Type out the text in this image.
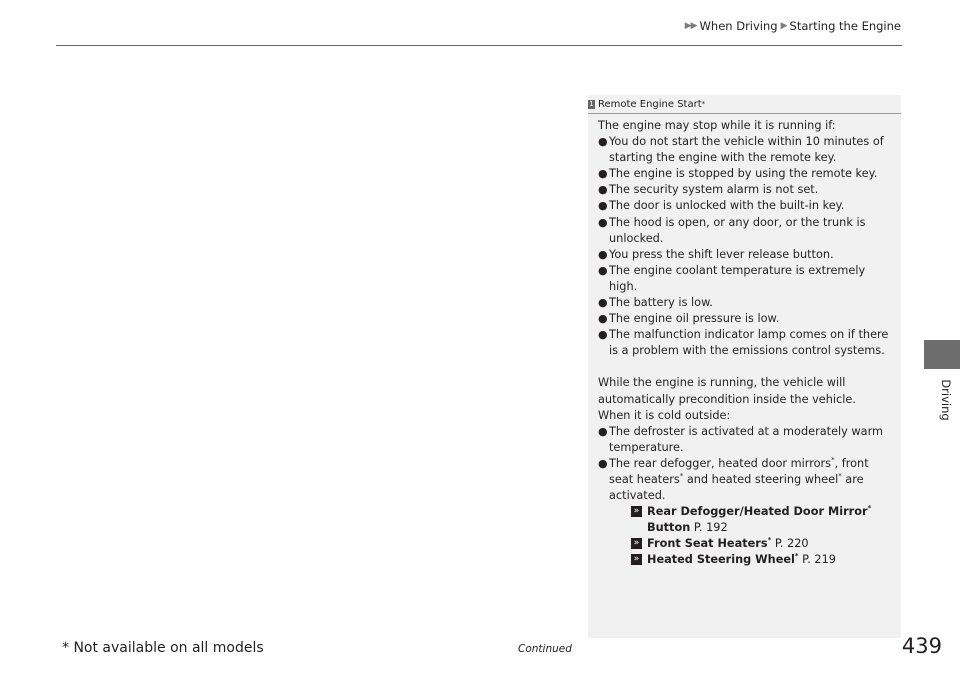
▶▶ When Driving ▶ Starting the Engine
1 Remote Engine Start *

The engine may stop while it is running if:

● You do not start the vehicle within 10 minutes of starting the engine with the remote key.
● The engine is stopped by using the remote key.
● The security system alarm is not set.
● The door is unlocked with the built-in key.
● The hood is open, or any door, or the trunk is unlocked.
● You press the shift lever release button.
● The engine coolant temperature is extremely high.
● The battery is low.
● The engine oil pressure is low.
● The malfunction indicator lamp comes on if there is a problem with the emissions control systems.

While the engine is running, the vehicle will automatically precondition inside the vehicle.

When it is cold outside:

● The defroster is activated at a moderately warm temperature.
● The rear defogger, heated door mirrors*, front seat heaters* and heated steering wheel* are activated.
» Rear Defogger/Heated Door Mirror*
Button P. 192
» Front Seat Heaters* P. 220
» Heated Steering Wheel* P. 219
Driving
* Not available on all models	Continued	439
